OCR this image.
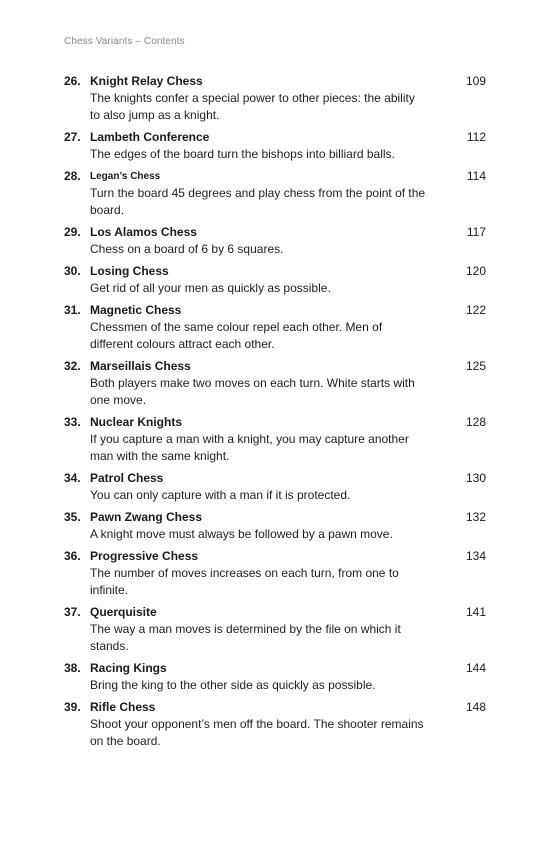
Chess Variants – Contents
26. Knight Relay Chess	109
The knights confer a special power to other pieces: the ability to also jump as a knight.
27. Lambeth Conference	112
The edges of the board turn the bishops into billiard balls.
28. Legan’s Chess	114
Turn the board 45 degrees and play chess from the point of the board.
29. Los Alamos Chess	117
Chess on a board of 6 by 6 squares.
30. Losing Chess	120
Get rid of all your men as quickly as possible.
31. Magnetic Chess	122
Chessmen of the same colour repel each other. Men of different colours attract each other.
32. Marseillais Chess	125
Both players make two moves on each turn. White starts with one move.
33. Nuclear Knights	128
If you capture a man with a knight, you may capture another man with the same knight.
34. Patrol Chess	130
You can only capture with a man if it is protected.
35. Pawn Zwang Chess	132
A knight move must always be followed by a pawn move.
36. Progressive Chess	134
The number of moves increases on each turn, from one to infinite.
37. Querquisite	141
The way a man moves is determined by the file on which it stands.
38. Racing Kings	144
Bring the king to the other side as quickly as possible.
39. Rifle Chess	148
Shoot your opponent’s men off the board. The shooter remains on the board.
